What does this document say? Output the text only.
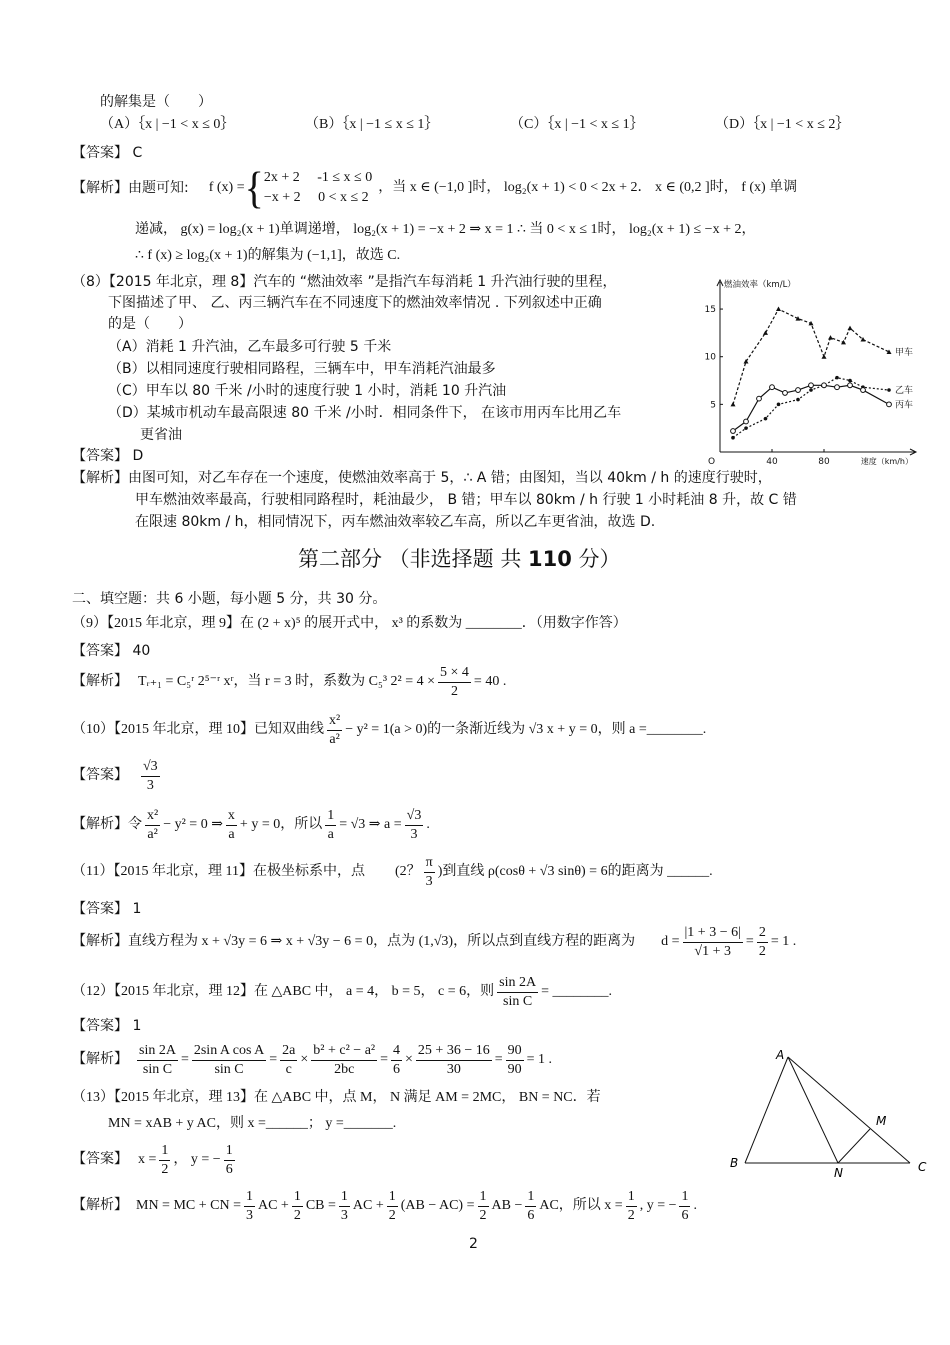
的解集是（　　）
（A）｛x | −1 < x ≤ 0｝	（B）｛x | −1 ≤ x ≤ 1｝	（C）｛x | −1 < x ≤ 1｝	（D）｛x | −1 < x ≤ 2｝
【答案】 C
【解析】 由题可知: f (x) = { 2x + 2　 -1 ≤ x ≤ 0
−x + 2　 0 < x ≤ 2
，当 x ∈ (−1,0 ]时， log₂(x + 1) < 0 < 2x + 2． x ∈ (0,2 ]时， f (x) 单调
递减， g(x) = log₂(x + 1)单调递增， log₂(x + 1) = −x + 2 ⇒ x = 1 ∴ 当 0 < x ≤ 1时， log₂(x + 1) ≤ −x + 2，
∴ f (x) ≥ log₂(x + 1)的解集为 (−1,1]，故选 C.
（8）【2015 年北京，理 8】汽车的 “燃油效率 ”是指汽车每消耗 1 升汽油行驶的里程，
下图描述了甲、 乙、丙三辆汽车在不同速度下的燃油效率情况 . 下列叙述中正确
的是（　　）
（A）消耗 1 升汽油，乙车最多可行驶 5 千米
（B）以相同速度行驶相同路程，三辆车中，甲车消耗汽油最多
（C）甲车以 80 千米 /小时的速度行驶 1 小时，消耗 10 升汽油
（D）某城市机动车最高限速 80 千米 /小时．相同条件下， 在该市用丙车比用乙车
更省油
【答案】 D
【解析】由图可知，对乙车存在一个速度，使燃油效率高于 5，∴ A 错；由图知，当以 40km / h 的速度行驶时，
甲车燃油效率最高，行驶相同路程时，耗油最少， B 错；甲车以 80km / h 行驶 1 小时耗油 8 升，故 C 错
在限速 80km / h，相同情况下，丙车燃油效率较乙车高，所以乙车更省油，故选 D.
燃油效率（km/L）
速度（km/h）
O
5
10
15
40	80
甲车
乙车
丙车
第二部分 （非选择题 共 110 分）
二、填空题：共 6 小题，每小题 5 分，共 30 分。
（9）【2015 年北京，理 9】在 (2 + x)⁵ 的展开式中， x³ 的系数为 ________．（用数字作答）
【答案】 40
【解析】 Tᵣ₊₁ = C₅ʳ 2⁵⁻ʳ xʳ，当 r = 3 时，系数为 C₅³ $2^2 = 4 \times \frac{5 \times 4}{2} = 40$ .
（10）【2015 年北京，理 10】已知双曲线 $\frac{\text{x²}}{\text{a²}} - y^2 = 1(a > 0)$的一条渐近线为 √3 x + y = 0，则 a =________.
【答案】 $\frac{√3}{3}$
【解析】 令 $\frac{\text{x²}}{\text{a²}} - y^2 = 0$ ⇒ $\frac{x}{a} + y = 0$，所以 $\frac{1}{a} = √3$ ⇒ $a = \frac{√3}{3}$ .
（11）【2015 年北京，理 11】在极坐标系中，点 (2？ $\frac{\pi}{3}$ )到直线 ρ(cosθ + √3 sinθ) = 6的距离为 ______.
【答案】 1
【解析】 直线方程为 x + √3y = 6 ⇒ x + √3y − 6 = 0，点为 (1,√3)，所以点到直线方程的距离为 $d = \frac{|1 + 3 - 6|}{√1 + 3} = \frac{2}{2} = 1$ .
（12）【2015 年北京，理 12】在 △ABC 中， a = 4， b = 5， c = 6，则 $\frac{\sin 2A}{\text{sin C}}$ = ________.
【答案】 1
【解析】 $\frac{\sin 2A}{\text{sin C}} = \frac{\text{2sin A cos A}}{\text{sin C}} = \frac{2a}{c} \times \frac{\text{b² + c² − a²}}{2bc} = \frac{4}{6} \times \frac{25 + 36 - 16}{30} = \frac{90}{90} = 1$ .
（13）【2015 年北京，理 13】在 △ABC 中，点 M， N 满足 AM = 2MC， BN = NC．若
MN = xAB + y AC，则 x =______； y =_______.
【答案】 $x = \frac{1}{2}$ ， y = − $\frac{1}{6}$
【解析】 MN = MC + CN = $\frac{1}{3}$ AC + $\frac{1}{2}$ CB = $\frac{1}{3}$ AC + $\frac{1}{2} (AB - AC) = \frac{1}{2}$ AB − $\frac{1}{6}$ AC，所以 $x = \frac{1}{2}$ , y = − $\frac{1}{6}$ .
A
B	C
M
N
2
